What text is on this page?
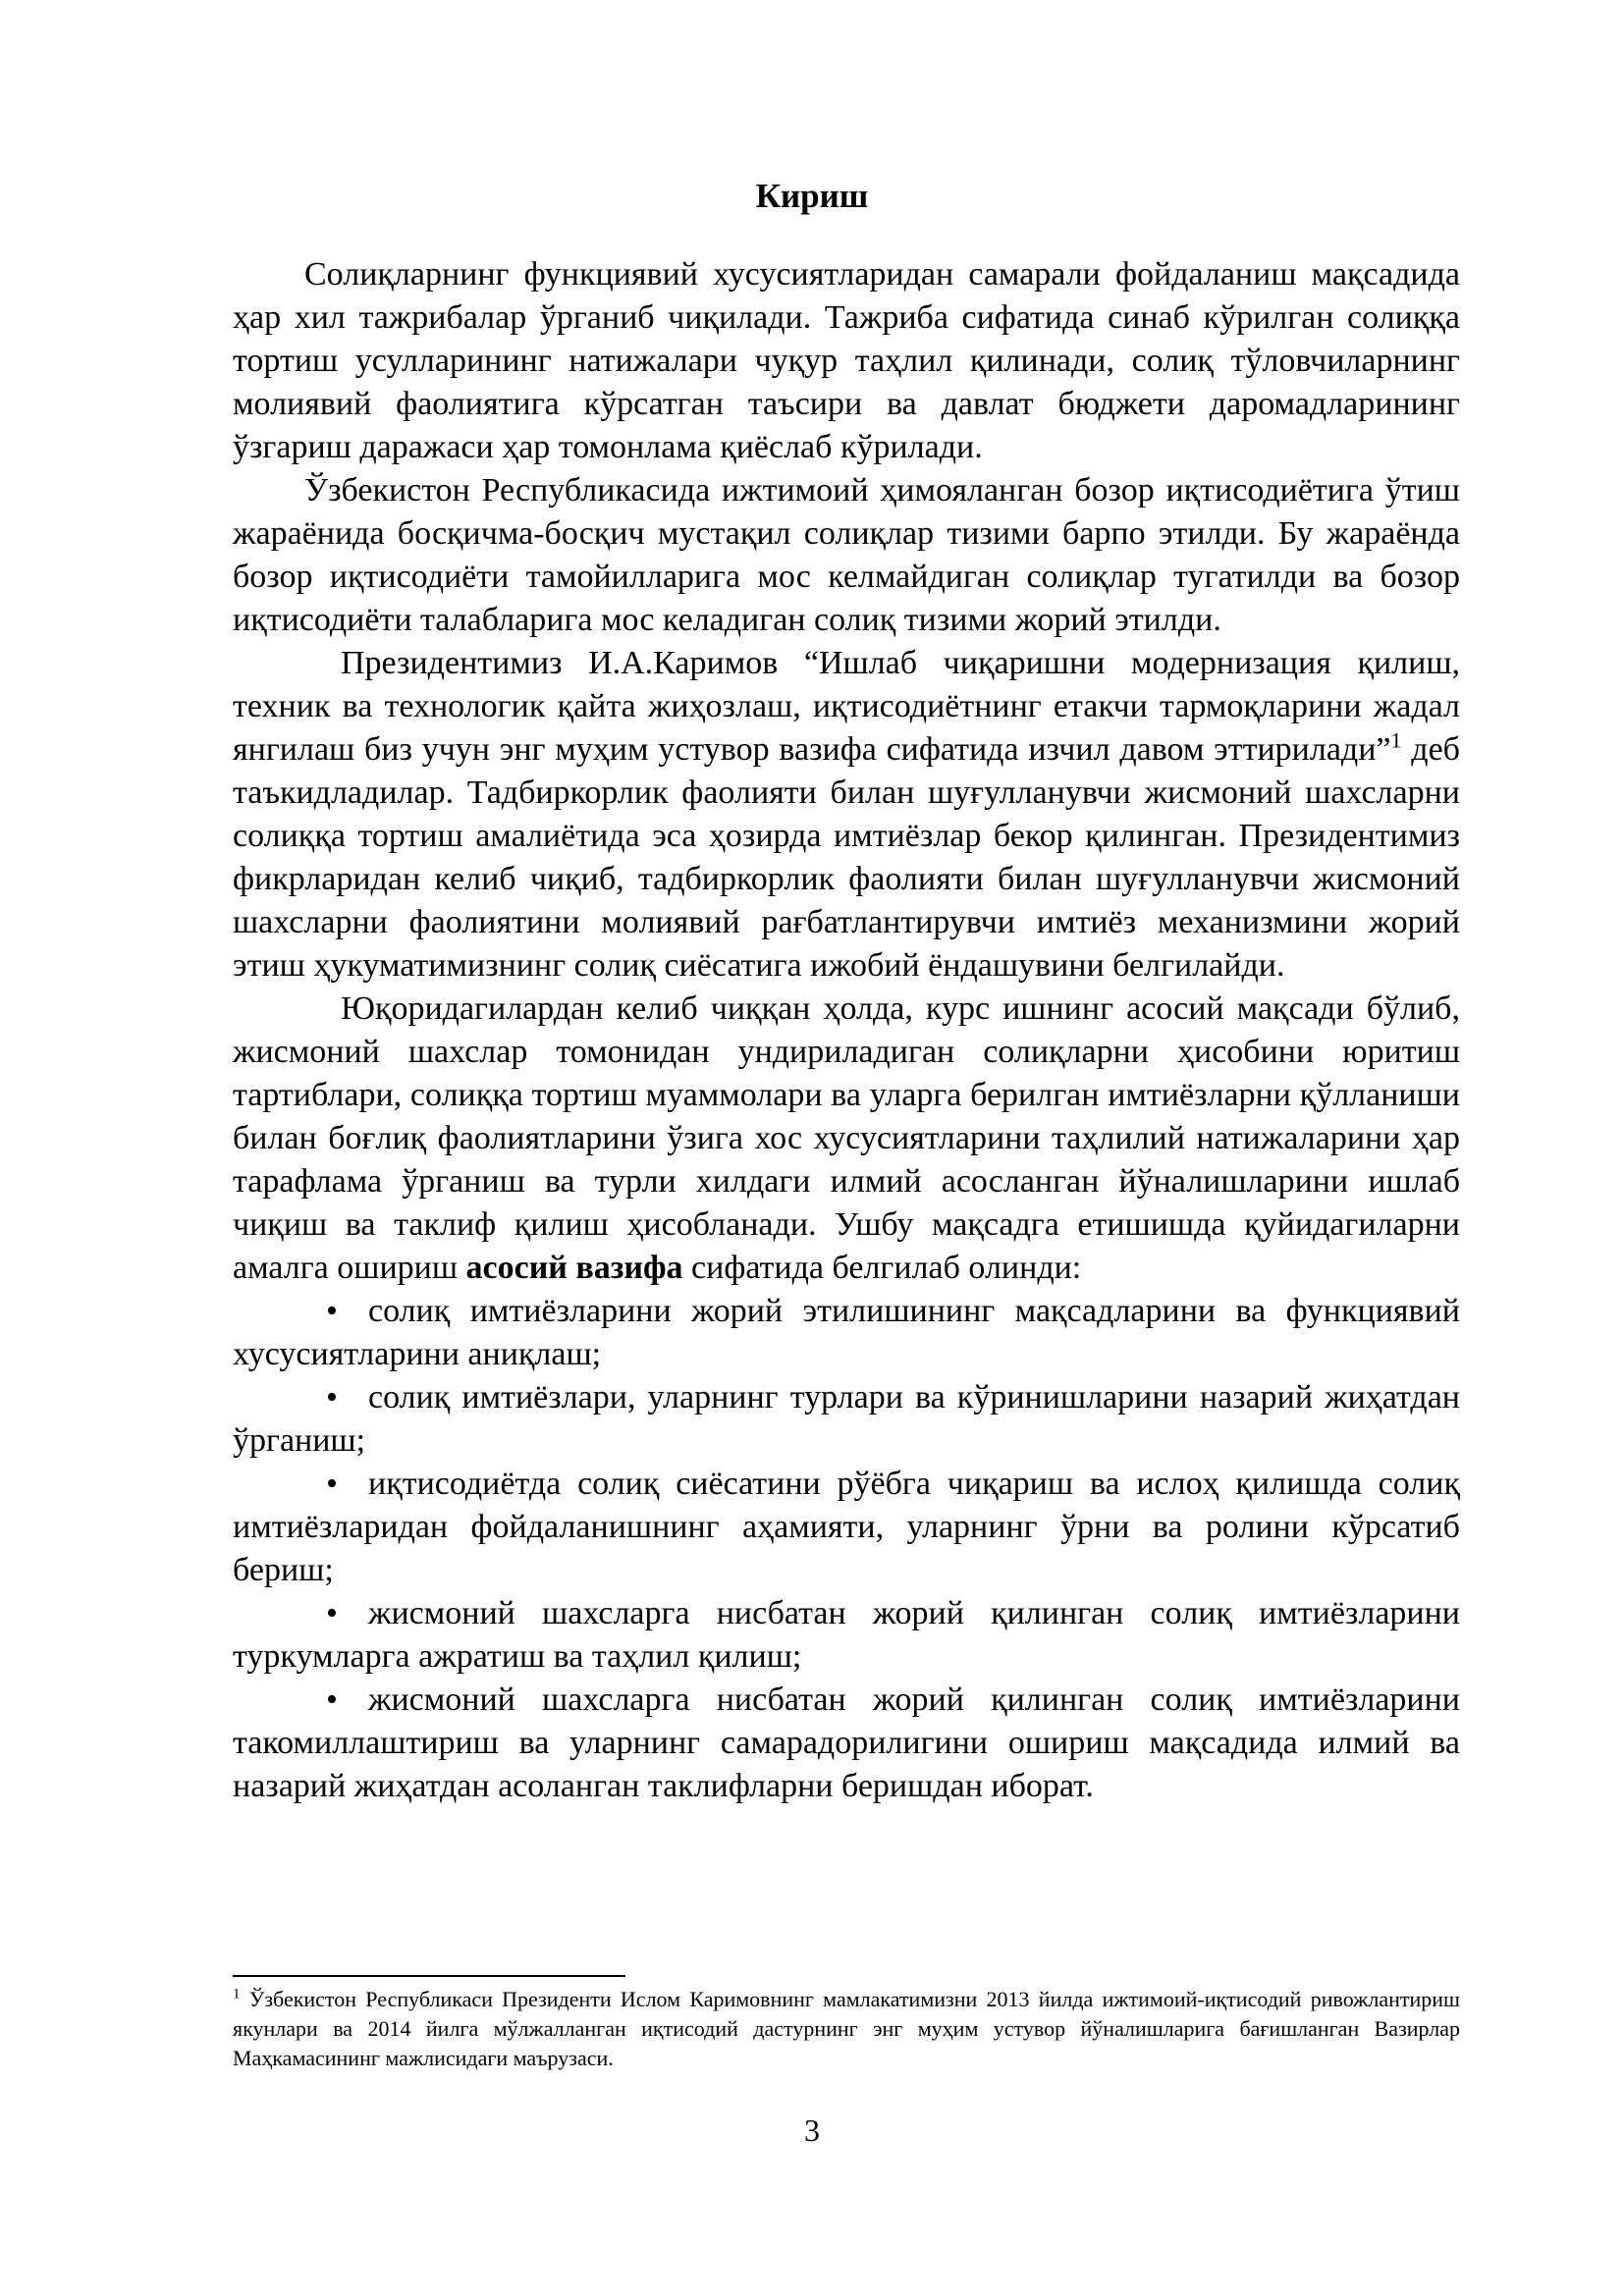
Кириш

Солиқларнинг функциявий хусусиятларидан самарали фойдаланиш мақсадида ҳар хил тажрибалар ўрганиб чиқилади. Тажриба сифатида синаб кўрилган солиққа тортиш усулларининг натижалари чуқур таҳлил қилинади, солиқ тўловчиларнинг молиявий фаолиятига кўрсатган таъсири ва давлат бюджети даромадларининг ўзгариш даражаси ҳар томонлама қиёслаб кўрилади.

Ўзбекистон Республикасида ижтимоий ҳимояланган бозор иқтисодиётига ўтиш жараёнида босқичма-босқич мустақил солиқлар тизими барпо этилди. Бу жараёнда бозор иқтисодиёти тамойилларига мос келмайдиган солиқлар тугатилди ва бозор иқтисодиёти талабларига мос келадиган солиқ тизими жорий этилди.

Президентимиз И.А.Каримов “Ишлаб чиқаришни модернизация қилиш, техник ва технологик қайта жиҳозлаш, иқтисодиётнинг етакчи тармоқларини жадал янгилаш биз учун энг муҳим устувор вазифа сифатида изчил давом эттирилади”$^1$ деб таъкидладилар. Тадбиркорлик фаолияти билан шуғулланувчи жисмоний шахсларни солиққа тортиш амалиётида эса ҳозирда имтиёзлар бекор қилинган. Президентимиз фикрларидан келиб чиқиб, тадбиркорлик фаолияти билан шуғулланувчи жисмоний шахсларни фаолиятини молиявий рағбатлантирувчи имтиёз механизмини жорий этиш ҳукуматимизнинг солиқ сиёсатига ижобий ёндашувини белгилайди.

Юқоридагилардан келиб чиққан ҳолда, курс ишнинг асосий мақсади бўлиб, жисмоний шахслар томонидан ундириладиган солиқларни ҳисобини юритиш тартиблари, солиққа тортиш муаммолари ва уларга берилган имтиёзларни қўлланиши билан боғлиқ фаолиятларини ўзига хос хусусиятларини таҳлилий натижаларини ҳар тарафлама ўрганиш ва турли хилдаги илмий асосланган йўналишларини ишлаб чиқиш ва таклиф қилиш ҳисобланади. Ушбу мақсадга етишишда қуйидагиларни амалга ошириш асосий вазифа сифатида белгилаб олинди:

• солиқ имтиёзларини жорий этилишининг мақсадларини ва функциявий хусусиятларини аниқлаш;

• солиқ имтиёзлари, уларнинг турлари ва кўринишларини назарий жиҳатдан ўрганиш;

• иқтисодиётда солиқ сиёсатини рўёбга чиқариш ва ислоҳ қилишда солиқ имтиёзларидан фойдаланишнинг аҳамияти, уларнинг ўрни ва ролини кўрсатиб бериш;

• жисмоний шахсларга нисбатан жорий қилинган солиқ имтиёзларини туркумларга ажратиш ва таҳлил қилиш;

• жисмоний шахсларга нисбатан жорий қилинган солиқ имтиёзларини такомиллаштириш ва уларнинг самарадорилигини ошириш мақсадида илмий ва назарий жиҳатдан асоланган таклифларни беришдан иборат.

$^1$ Ўзбекистон Республикаси Президенти Ислом Каримовнинг мамлакатимизни 2013 йилда ижтимоий-иқтисодий ривожлантириш якунлари ва 2014 йилга мўлжалланган иқтисодий дастурнинг энг муҳим устувор йўналишларига бағишланган Вазирлар Маҳкамасининг мажлисидаги маърузаси.

3
